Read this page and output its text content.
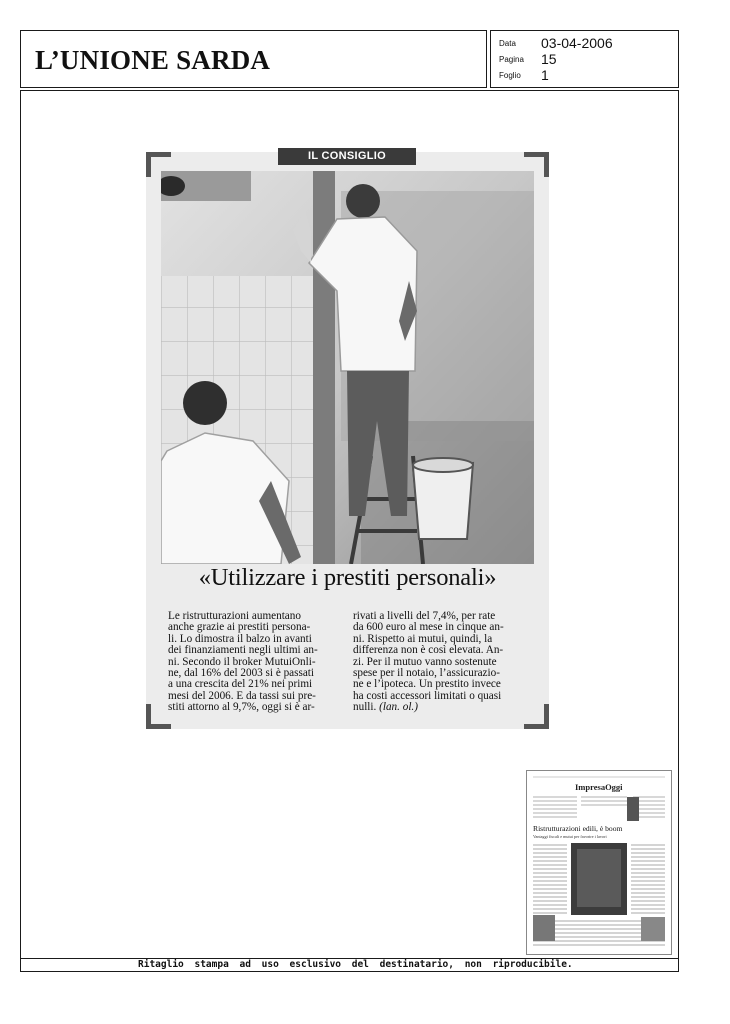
L’UNIONE SARDA
Data	03-04-2006
Pagina	15
Foglio	1
IL CONSIGLIO
«Utilizzare i prestiti personali»
Le ristrutturazioni aumentano
anche grazie ai prestiti persona-
li. Lo dimostra il balzo in avanti
dei finanziamenti negli ultimi an-
ni. Secondo il broker MutuiOnli-
ne, dal 16% del 2003 si è passati
a una crescita del 21% nei primi
mesi del 2006. E da tassi sui pre-
stiti attorno al 9,7%, oggi si è ar-
rivati a livelli del 7,4%, per rate
da 600 euro al mese in cinque an-
ni. Rispetto ai mutui, quindi, la
differenza non è così elevata. An-
zi. Per il mutuo vanno sostenute
spese per il notaio, l’assicurazio-
ne e l’ipoteca. Un prestito invece
ha costi accessori limitati o quasi
nulli. (lan. ol.)
ImpresaOggi
Ristrutturazioni edili, è boom
Vantaggi fiscali e mutui per favorire i lavori
Ritaglio stampa ad uso esclusivo del destinatario, non riproducibile.
